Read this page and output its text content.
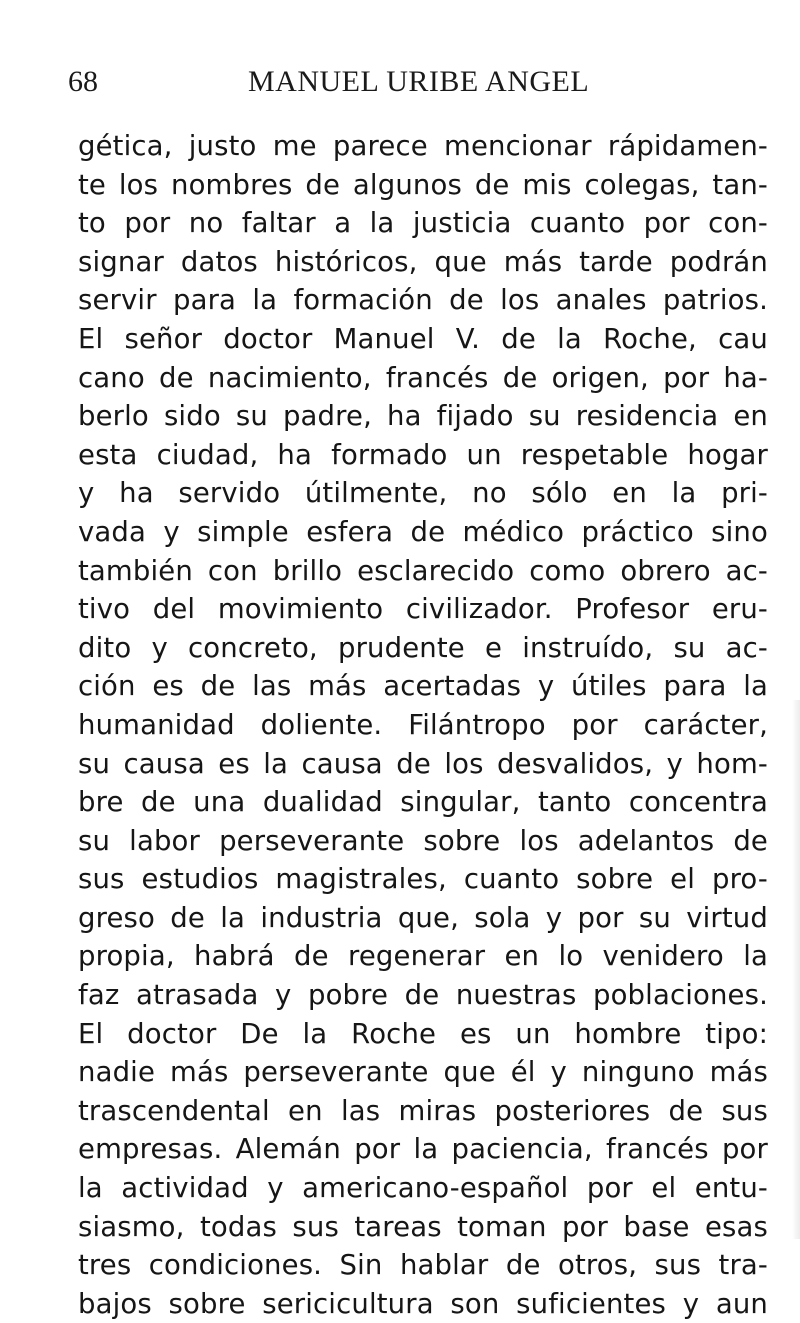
68	MANUEL URIBE ANGEL
gética, justo me parece mencionar rápidamen-
te los nombres de algunos de mis colegas, tan-
to por no faltar a la justicia cuanto por con-
signar datos históricos, que más tarde podrán
servir para la formación de los anales patrios.
El señor doctor Manuel V. de la Roche, cau
cano de nacimiento, francés de origen, por ha-
berlo sido su padre, ha fijado su residencia en
esta ciudad, ha formado un respetable hogar
y ha servido útilmente, no sólo en la pri-
vada y simple esfera de médico práctico sino
también con brillo esclarecido como obrero ac-
tivo del movimiento civilizador. Profesor eru-
dito y concreto, prudente e instruído, su ac-
ción es de las más acertadas y útiles para la
humanidad doliente. Filántropo por carácter,
su causa es la causa de los desvalidos, y hom-
bre de una dualidad singular, tanto concentra
su labor perseverante sobre los adelantos de
sus estudios magistrales, cuanto sobre el pro-
greso de la industria que, sola y por su virtud
propia, habrá de regenerar en lo venidero la
faz atrasada y pobre de nuestras poblaciones.
El doctor De la Roche es un hombre tipo:
nadie más perseverante que él y ninguno más
trascendental en las miras posteriores de sus
empresas. Alemán por la paciencia, francés por
la actividad y americano-español por el entu-
siasmo, todas sus tareas toman por base esas
tres condiciones. Sin hablar de otros, sus tra-
bajos sobre sericicultura son suficientes y aun
